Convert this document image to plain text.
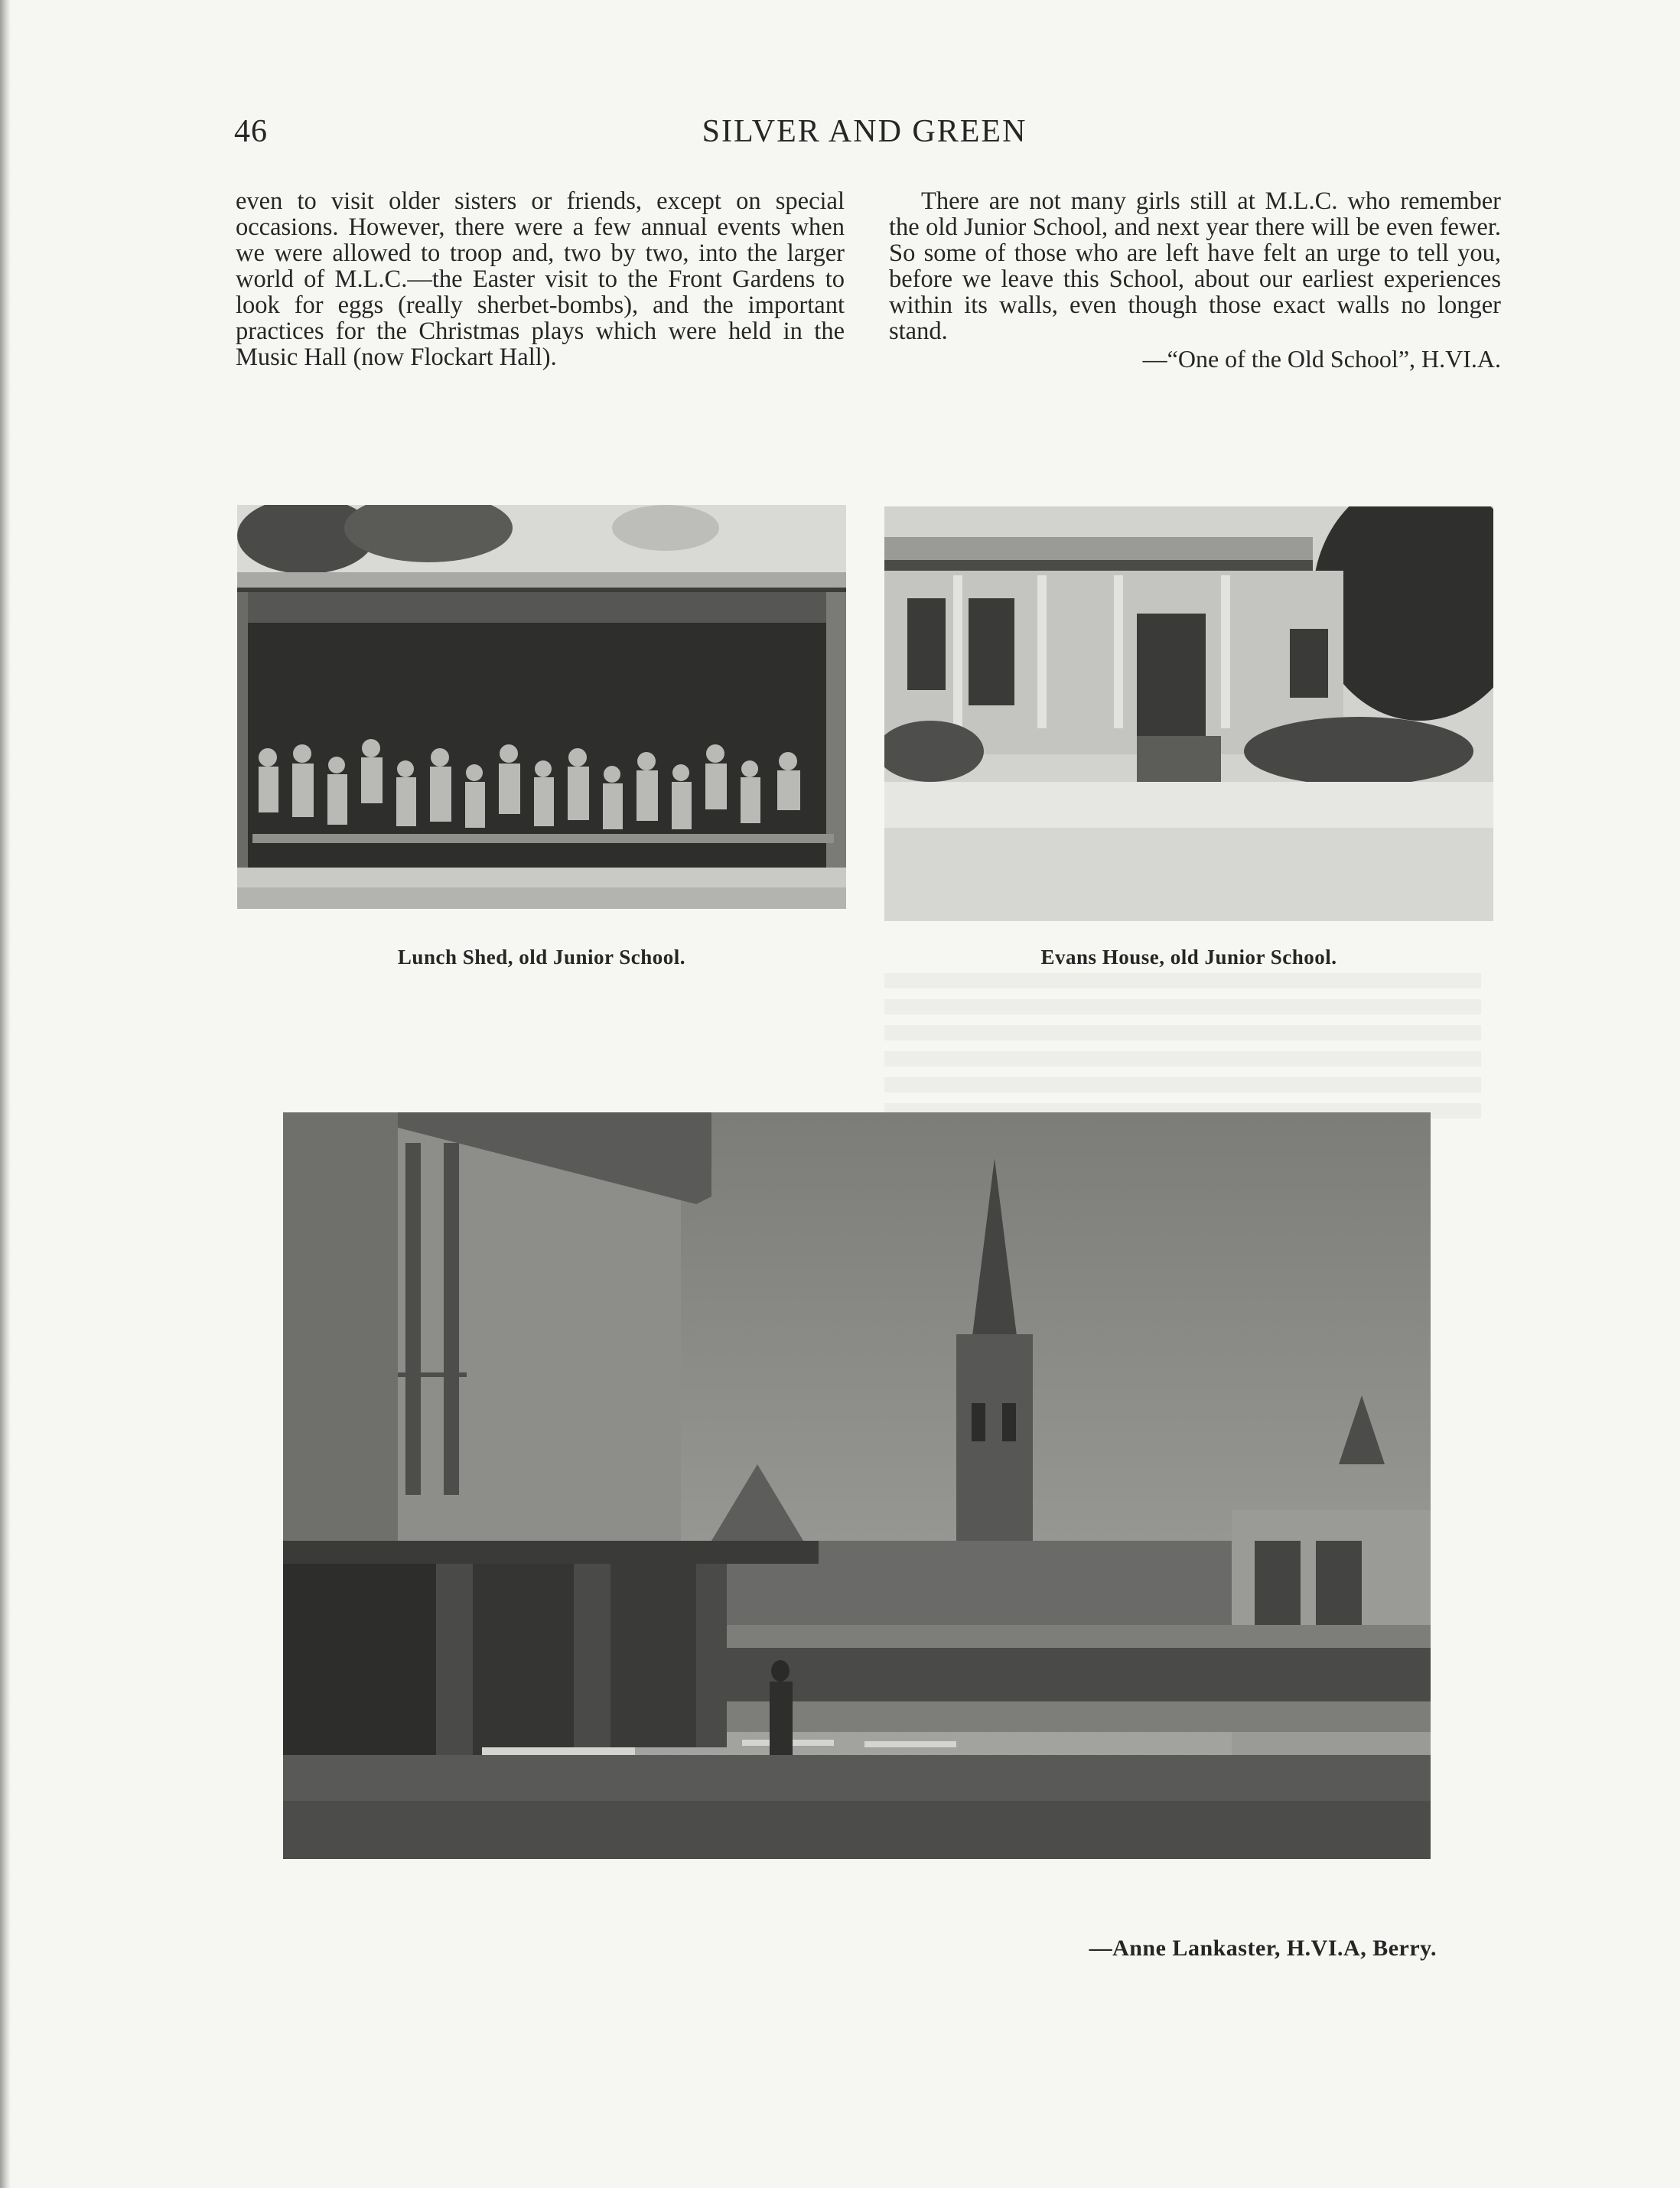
46	SILVER AND GREEN

even to visit older sisters or friends, except on special occasions. However, there were a few annual events when we were allowed to troop and, two by two, into the larger world of M.L.C.—the Easter visit to the Front Gardens to look for eggs (really sherbet-bombs), and the important practices for the Christmas plays which were held in the Music Hall (now Flockart Hall).

There are not many girls still at M.L.C. who remember the old Junior School, and next year there will be even fewer. So some of those who are left have felt an urge to tell you, before we leave this School, about our earliest experiences within its walls, even though those exact walls no longer stand.

—“One of the Old School”, H.VI.A.
Lunch Shed, old Junior School.	Evans House, old Junior School.
—Anne Lankaster, H.VI.A, Berry.
